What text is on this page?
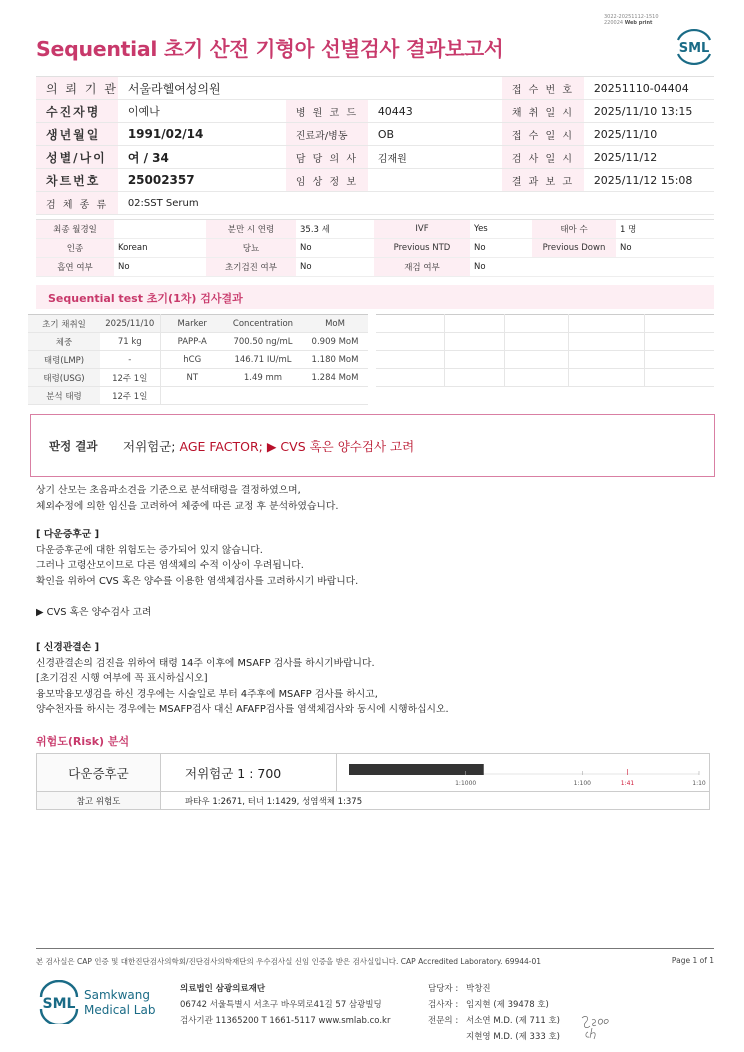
3022-20251112-1510
220024 Web print
Sequential 초기 산전 기형아 선별검사 결과보고서	SML
의 뢰 기 관	서울라헬여성의원			접 수 번 호	20251110-04404
수진자명	이예나	병 원 코 드	40443	채 취 일 시	2025/11/10 13:15
생년월일	1991/02/14	진료과/병동	OB	접 수 일 시	2025/11/10
성별/나이	여 / 34	담 당 의 사	김재원	검 사 일 시	2025/11/12
차트번호	25002357	임 상 정 보		결 과 보 고	2025/11/12 15:08
검 체 종 류	02:SST Serum				
최종 월경일		분만 시 연령	35.3 세	IVF	Yes	태아 수	1 명
인종	Korean	당뇨	No	Previous NTD	No	Previous Down	No
흡연 여부	No	초기검진 여부	No	재검 여부	No		
Sequential test 초기(1차) 검사결과
초기 채취일	2025/11/10	Marker	Concentration	MoM
체중	71 kg	PAPP-A	700.50 ng/mL	0.909 MoM
태령(LMP)	-	hCG	146.71 IU/mL	1.180 MoM
태령(USG)	12주 1일	NT	1.49 mm	1.284 MoM
분석 태령	12주 1일			

판정 결과 저위험군; AGE FACTOR; ▶ CVS 혹은 양수검사 고려
상기 산모는 초음파소견을 기준으로 분석태령을 결정하였으며,
체외수정에 의한 임신을 고려하여 체중에 따른 교정 후 분석하였습니다.
[ 다운증후군 ]
다운증후군에 대한 위험도는 증가되어 있지 않습니다.
그러나 고령산모이므로 다른 염색체의 수적 이상이 우려됩니다.
확인을 위하여 CVS 혹은 양수를 이용한 염색체검사를 고려하시기 바랍니다.
▶ CVS 혹은 양수검사 고려
[ 신경관결손 ]
신경관결손의 검진을 위하여 태령 14주 이후에 MSAFP 검사를 하시기바랍니다.
[초기검진 시행 여부에 꼭 표시하십시오]
융모막융모생검을 하신 경우에는 시술일로 부터 4주후에 MSAFP 검사를 하시고,
양수천자를 하시는 경우에는 MSAFP검사 대신 AFAFP검사를 염색체검사와 동시에 시행하십시오.
위험도(Risk) 분석
다운증후군	저위험군 1 : 700	1:1000 1:100 1:41 1:10

참고 위험도	파타우 1:2671, 터너 1:1429, 성염색체 1:375	
본 검사실은 CAP 인증 및 대한진단검사의학회/진단검사의학재단의 우수검사실 신임 인증을 받은 검사실입니다. CAP Accredited Laboratory. 69944-01	Page 1 of 1
SML
Samkwang
Medical Lab
의료법인 삼광의료재단
06742 서울특별시 서초구 바우뫼로41길 57 삼광빌딩
검사기관 11365200 T 1661-5117 www.smlab.co.kr
담당자 : 박창진
검사자 : 임지현 (제 39478 호)
전문의 : 서소연 M.D. (제 711 호)
지현영 M.D. (제 333 호)
